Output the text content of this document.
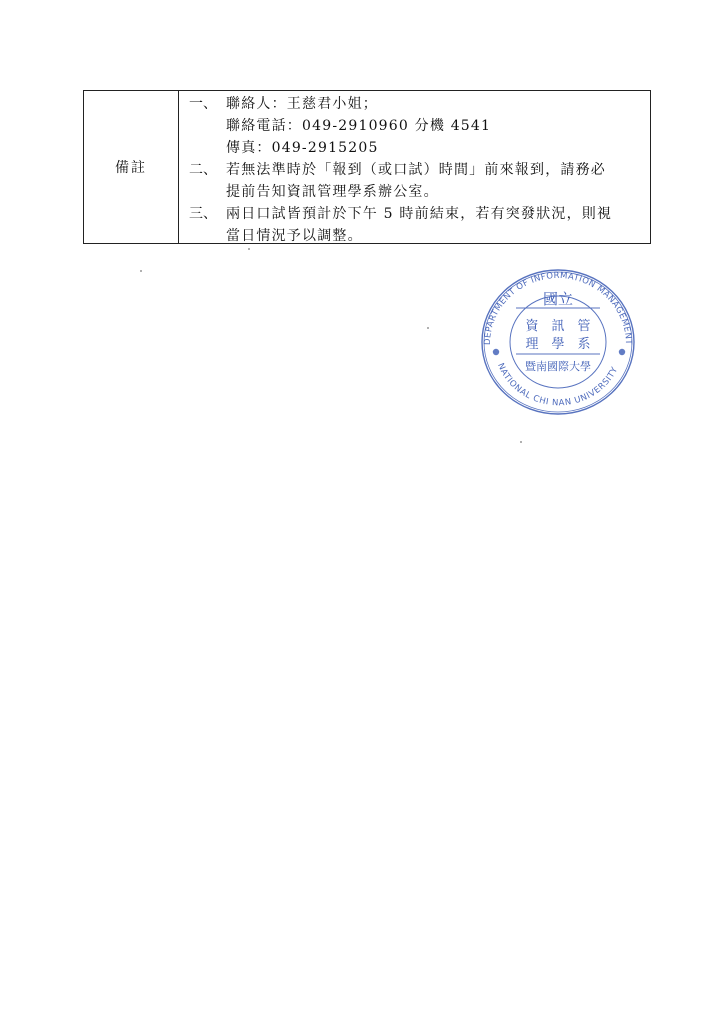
備註
一、 聯絡人：王慈君小姐；
聯絡電話：049-2910960 分機 4541
傳真：049-2915205
二、 若無法準時於「報到（或口試）時間」前來報到，請務必
提前告知資訊管理學系辦公室。
三、 兩日口試皆預計於下午 5 時前結束，若有突發狀況，則視
當日情況予以調整。
DEPARTMENT OF INFORMATION MANAGEMENT
NATIONAL CHI NAN UNIVERSITY
國立
資　訊　管
理　學　系
暨南國際大學
